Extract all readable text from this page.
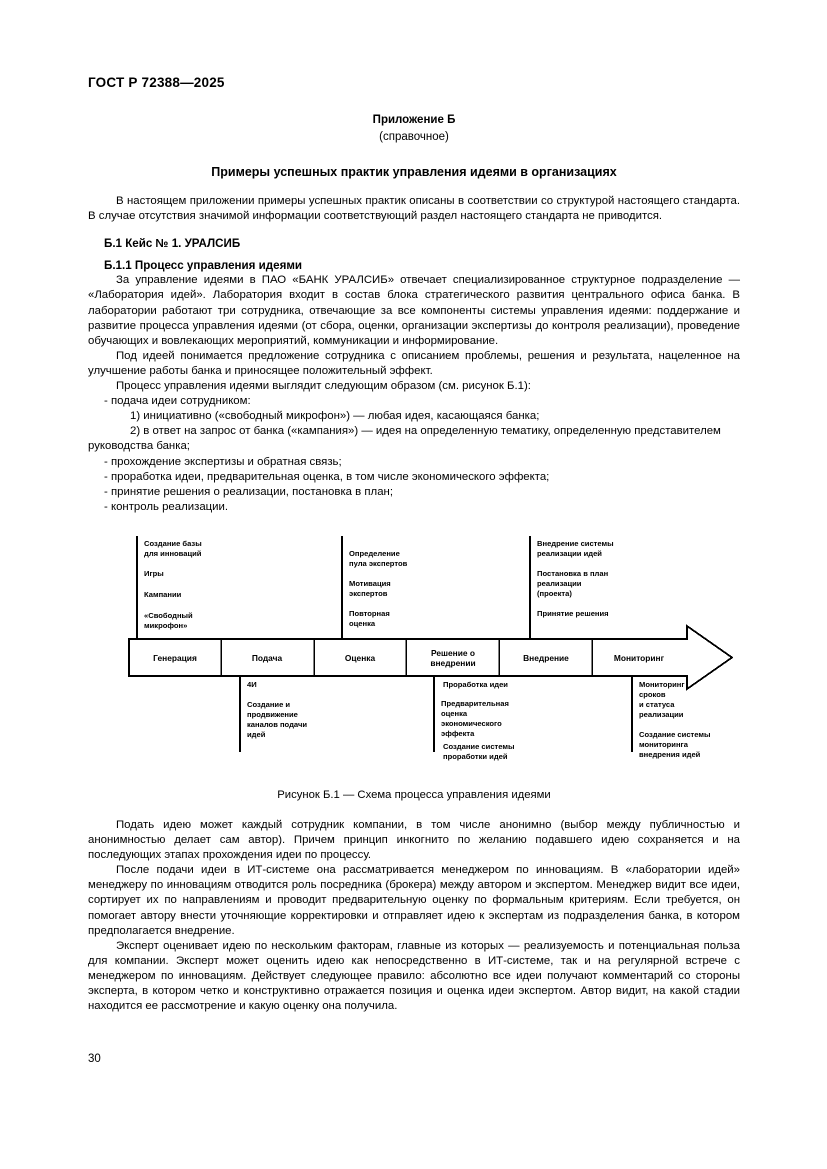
ГОСТ Р 72388—2025
Приложение Б
(справочное)
Примеры успешных практик управления идеями в организациях

В настоящем приложении примеры успешных практик описаны в соответствии со структурой настоящего стандарта. В случае отсутствия значимой информации соответствующий раздел настоящего стандарта не приводится.

Б.1 Кейс № 1. УРАЛСИБ
Б.1.1 Процесс управления идеями

За управление идеями в ПАО «БАНК УРАЛСИБ» отвечает специализированное структурное подразделение — «Лаборатория идей». Лаборатория входит в состав блока стратегического развития центрального офиса банка. В лаборатории работают три сотрудника, отвечающие за все компоненты системы управления идеями: поддержание и развитие процесса управления идеями (от сбора, оценки, организации экспертизы до контроля реализации), проведение обучающих и вовлекающих мероприятий, коммуникации и информирование.

Под идеей понимается предложение сотрудника с описанием проблемы, решения и результата, нацеленное на улучшение работы банка и приносящее положительный эффект.

Процесс управления идеями выглядит следующим образом (см. рисунок Б.1):

- подача идеи сотрудником:

1) инициативно («свободный микрофон») — любая идея, касающаяся банка;

2) в ответ на запрос от банка («кампания») — идея на определенную тематику, определенную представителем руководства банка;

- прохождение экспертизы и обратная связь;

- проработка идеи, предварительная оценка, в том числе экономического эффекта;

- принятие решения о реализации, постановка в план;

- контроль реализации.

Создание базы
для инноваций
Игры
Кампании
«Свободный
микрофон»
Определение
пула экспертов
Мотивация
экспертов
Повторная
оценка
Внедрение системы
реализации идей
Постановка в план
реализации
(проекта)
Принятие решения
Генерация	Подача	Оценка	Решение о
внедрении	Внедрение	Мониторинг
4И
Создание и
продвижение
каналов подачи
идей
Проработка идеи
Предварительная
оценка
экономического
эффекта
Создание системы
проработки идей
Мониторинг
сроков
и статуса
реализации
Создание системы
мониторинга
внедрения идей
Рисунок Б.1 — Схема процесса управления идеями

Подать идею может каждый сотрудник компании, в том числе анонимно (выбор между публичностью и анонимностью делает сам автор). Причем принцип инкогнито по желанию подавшего идею сохраняется и на последующих этапах прохождения идеи по процессу.

После подачи идеи в ИТ-системе она рассматривается менеджером по инновациям. В «лаборатории идей» менеджеру по инновациям отводится роль посредника (брокера) между автором и экспертом. Менеджер видит все идеи, сортирует их по направлениям и проводит предварительную оценку по формальным критериям. Если требуется, он помогает автору внести уточняющие корректировки и отправляет идею к экспертам из подразделения банка, в котором предполагается внедрение.

Эксперт оценивает идею по нескольким факторам, главные из которых — реализуемость и потенциальная польза для компании. Эксперт может оценить идею как непосредственно в ИТ-системе, так и на регулярной встрече с менеджером по инновациям. Действует следующее правило: абсолютно все идеи получают комментарий со стороны эксперта, в котором четко и конструктивно отражается позиция и оценка идеи экспертом. Автор видит, на какой стадии находится ее рассмотрение и какую оценку она получила.

30
